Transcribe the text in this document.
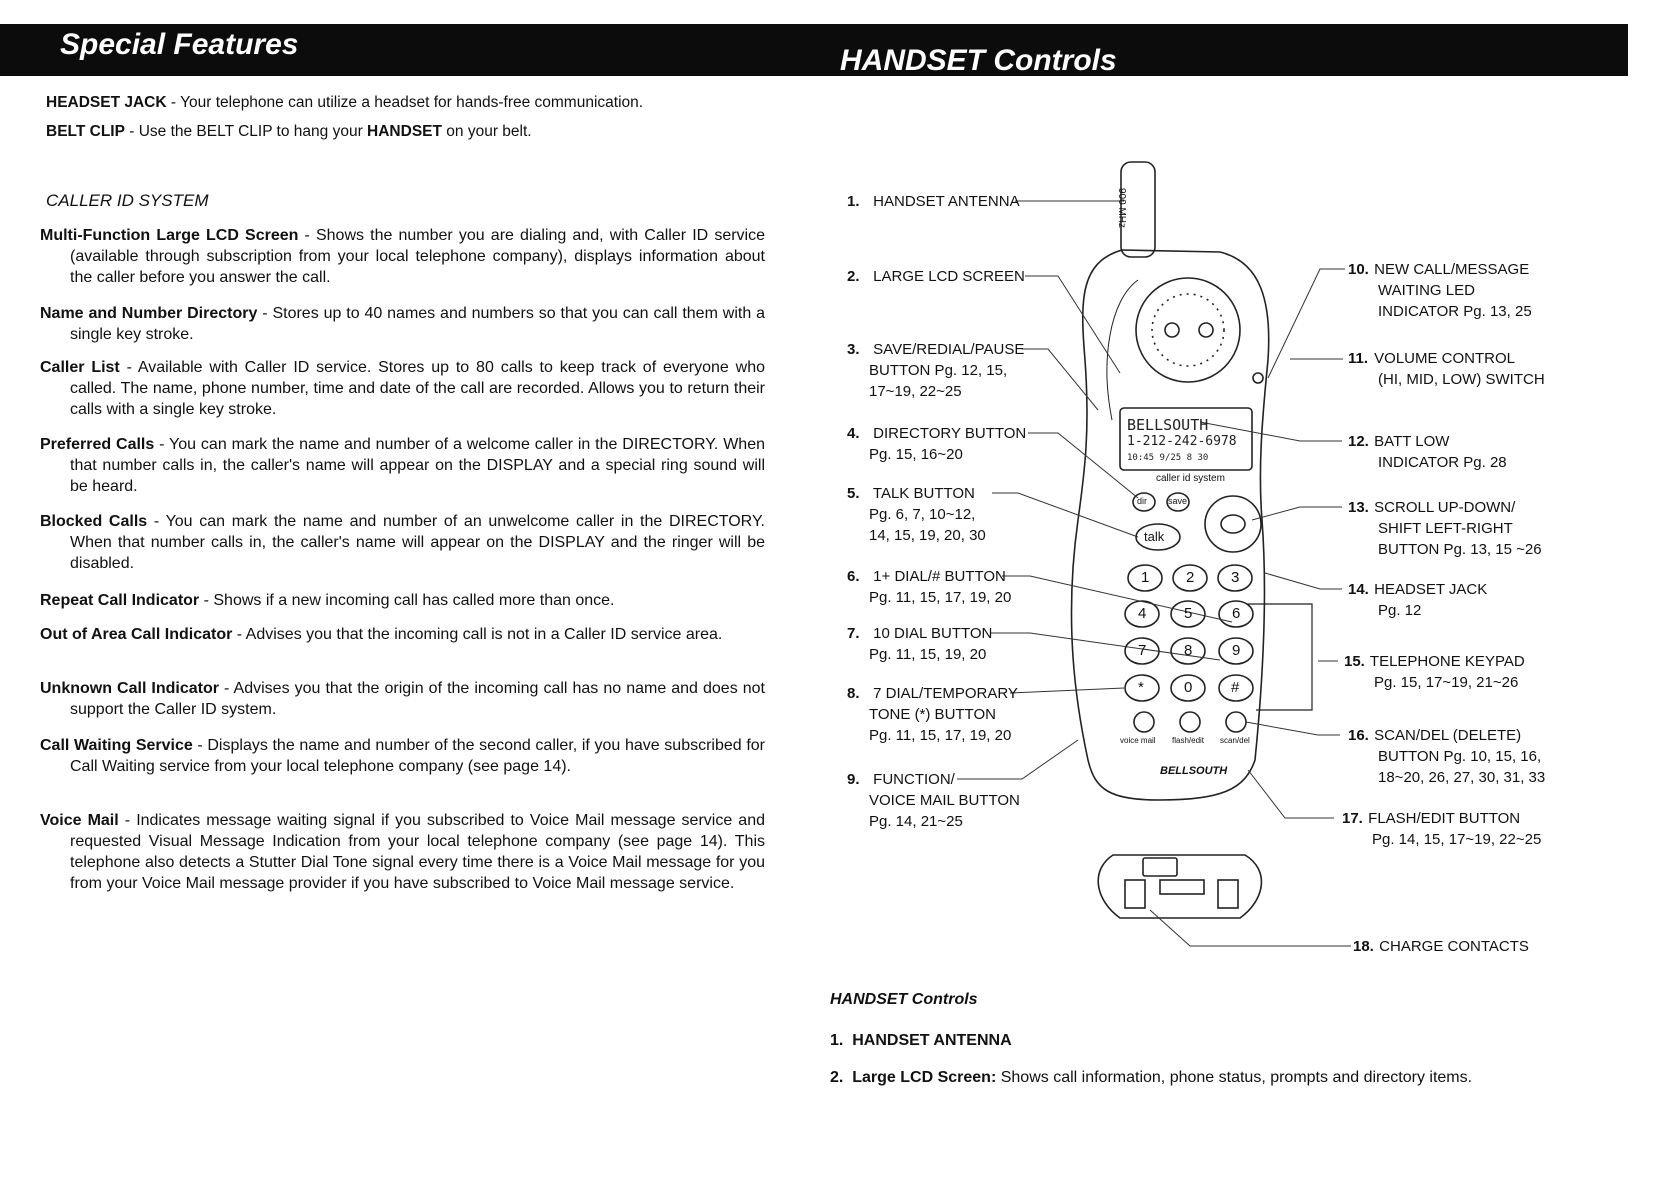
Special Features	HANDSET Controls
HEADSET JACK - Your telephone can utilize a headset for hands-free communication.
BELT CLIP - Use the BELT CLIP to hang your HANDSET on your belt.
CALLER ID SYSTEM
Multi-Function Large LCD Screen - Shows the number you are dialing and, with Caller ID service (available through subscription from your local telephone company), displays information about the caller before you answer the call.
Name and Number Directory - Stores up to 40 names and numbers so that you can call them with a single key stroke.
Caller List - Available with Caller ID service. Stores up to 80 calls to keep track of everyone who called. The name, phone number, time and date of the call are recorded. Allows you to return their calls with a single key stroke.
Preferred Calls - You can mark the name and number of a welcome caller in the DIRECTORY. When that number calls in, the caller's name will appear on the DISPLAY and a special ring sound will be heard.
Blocked Calls - You can mark the name and number of an unwelcome caller in the DIRECTORY. When that number calls in, the caller's name will appear on the DISPLAY and the ringer will be disabled.
Repeat Call Indicator - Shows if a new incoming call has called more than once.
Out of Area Call Indicator - Advises you that the incoming call is not in a Caller ID service area.
Unknown Call Indicator - Advises you that the origin of the incoming call has no name and does not support the Caller ID system.
Call Waiting Service - Displays the name and number of the second caller, if you have subscribed for Call Waiting service from your local telephone company (see page 14).
Voice Mail - Indicates message waiting signal if you subscribed to Voice Mail message service and requested Visual Message Indication from your local telephone company (see page 14). This telephone also detects a Stutter Dial Tone signal every time there is a Voice Mail message for you from your Voice Mail message provider if you have subscribed to Voice Mail message service.
900 MHz
BELLSOUTH
1-212-242-6978
10:45 9/25 8 30
caller id system
dir save
talk
1 2 3
4	5	6
7	8	9
*	0	#
voice mail flash/edit scan/del
BELLSOUTH
1. HANDSET ANTENNA
2. LARGE LCD SCREEN
3. SAVE/REDIAL/PAUSE
BUTTON Pg. 12, 15,
17~19, 22~25
4. DIRECTORY BUTTON
Pg. 15, 16~20
5. TALK BUTTON
Pg. 6, 7, 10~12,
14, 15, 19, 20, 30
6. 1+ DIAL/# BUTTON
Pg. 11, 15, 17, 19, 20
7. 10 DIAL BUTTON
Pg. 11, 15, 19, 20
8. 7 DIAL/TEMPORARY
TONE (*) BUTTON
Pg. 11, 15, 17, 19, 20
9. FUNCTION/
VOICE MAIL BUTTON
Pg. 14, 21~25
10. NEW CALL/MESSAGE
WAITING LED
INDICATOR Pg. 13, 25
11. VOLUME CONTROL
(HI, MID, LOW) SWITCH
12. BATT LOW
INDICATOR Pg. 28
13. SCROLL UP-DOWN/
SHIFT LEFT-RIGHT
BUTTON Pg. 13, 15 ~26
14. HEADSET JACK
Pg. 12
15. TELEPHONE KEYPAD
Pg. 15, 17~19, 21~26
16. SCAN/DEL (DELETE)
BUTTON Pg. 10, 15, 16,
18~20, 26, 27, 30, 31, 33
17. FLASH/EDIT BUTTON
Pg. 14, 15, 17~19, 22~25
18. CHARGE CONTACTS
HANDSET Controls
1. HANDSET ANTENNA
2. Large LCD Screen: Shows call information, phone status, prompts and directory items.
